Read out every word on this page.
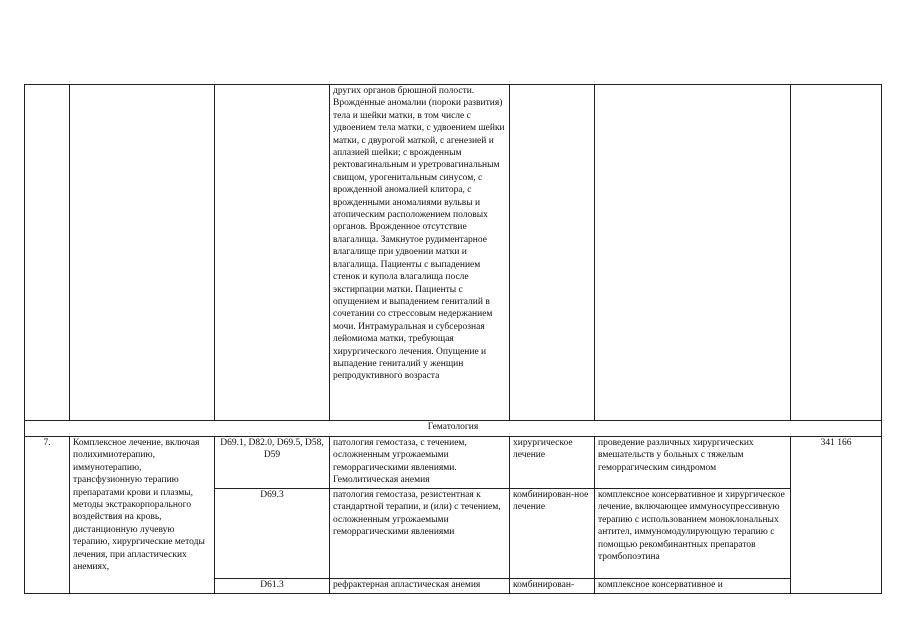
			других органов брюшной полости. Врожденные аномалии (пороки развития) тела и шейки матки, в том числе с удвоением тела матки, с удвоением шейки матки, с двурогой маткой, с агенезией и аплазией шейки; с врожденным ректовагинальным и уретровагинальным свищом, урогенитальным синусом, с врожденной аномалией клитора, с врожденными аномалиями вульвы и атопическим расположением половых органов. Врожденное отсутствие влагалища. Замкнутое рудиментарное влагалище при удвоении матки и влагалища. Пациенты с выпадением стенок и купола влагалища после экстирпации матки. Пациенты с опущением и выпадением гениталий в сочетании со стрессовым недержанием мочи. Интрамуральная и субсерозная лейомиома матки, требующая хирургического лечения. Опущение и выпадение гениталий у женщин репродуктивного возраста			
Гематология						
7.	Комплексное лечение, включая полихимиотерапию, иммунотерапию, трансфузионную терапию препаратами крови и плазмы, методы экстракорпорального воздействия на кровь, дистанционную лучевую терапию, хирургические методы лечения, при апластических анемиях,	D69.1, D82.0, D69.5, D58, D59	патология гемостаза, с течением, осложненным угрожаемыми геморрагическими явлениями. Гемолитическая анемия	хирургическое лечение	проведение различных хирургических вмешательств у больных с тяжелым геморрагическим синдромом	341 166
		D69.3	патология гемостаза, резистентная к стандартной терапии, и (или) с течением, осложненным угрожаемыми геморрагическими явлениями	комбинирован-ное лечение	комплексное консервативное и хирургическое лечение, включающее иммуносупрессивную терапию с использованием моноклональных антител, иммуномодулирующую терапию с помощью рекомбинантных препаратов тромбопоэтина	
		D61.3	рефрактерная апластическая анемия	комбинирован-	комплексное консервативное и	
